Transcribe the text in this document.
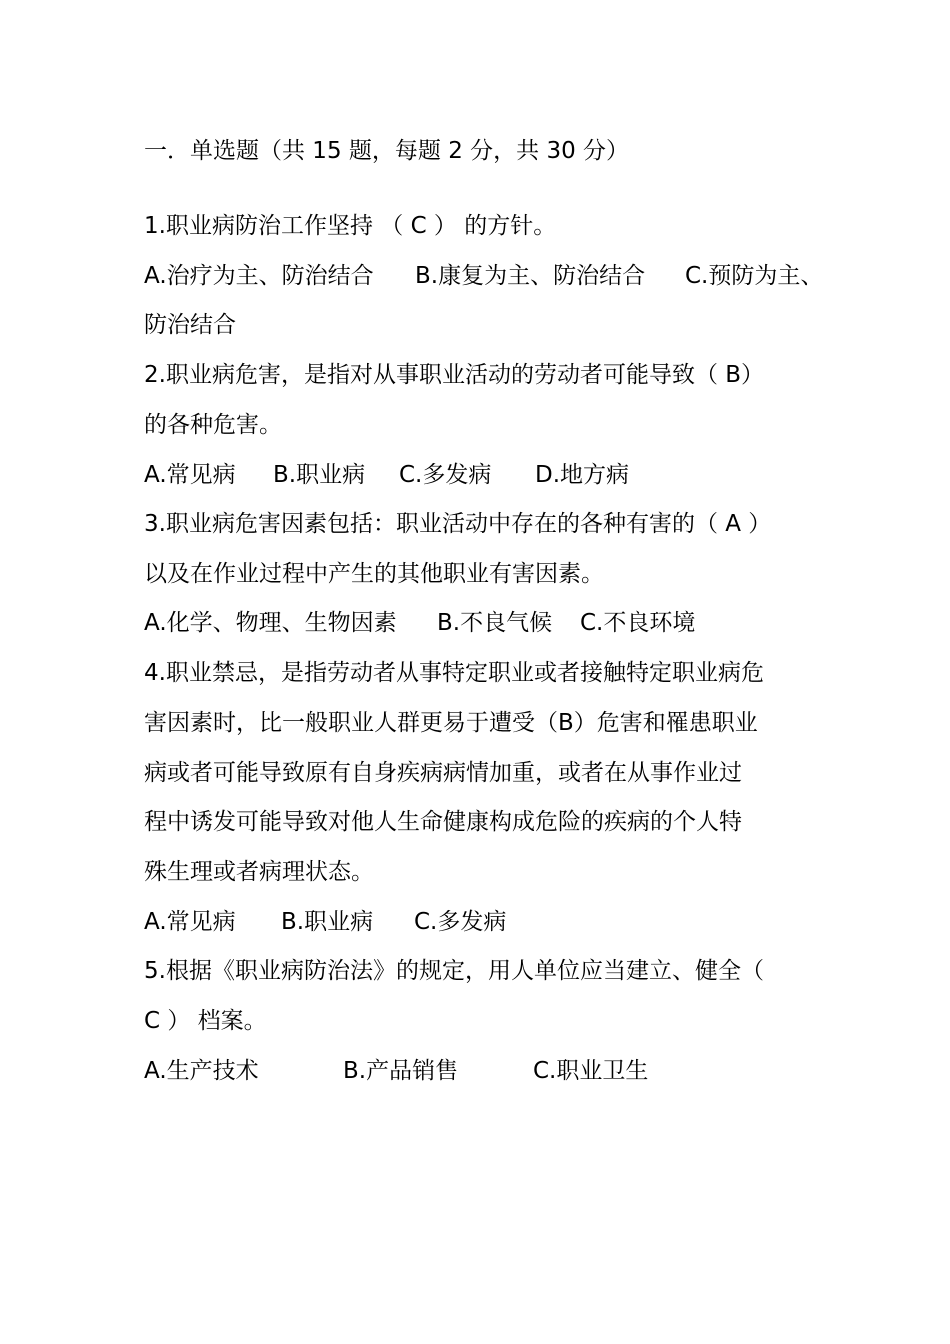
一．单选题（共 15 题，每题 2 分，共 30 分）
1.职业病防治工作坚持 （ C ） 的方针。
A.治疗为主、防治结合 B.康复为主、防治结合 C.预防为主、
防治结合
2.职业病危害，是指对从事职业活动的劳动者可能导致（ B）
的各种危害。
A.常见病 B.职业病 C.多发病 D.地方病
3.职业病危害因素包括：职业活动中存在的各种有害的（ A ）
以及在作业过程中产生的其他职业有害因素。
A.化学、物理、生物因素 B.不良气候 C.不良环境
4.职业禁忌，是指劳动者从事特定职业或者接触特定职业病危
害因素时，比一般职业人群更易于遭受（B）危害和罹患职业
病或者可能导致原有自身疾病病情加重，或者在从事作业过
程中诱发可能导致对他人生命健康构成危险的疾病的个人特
殊生理或者病理状态。
A.常见病 B.职业病 C.多发病
5.根据《职业病防治法》的规定，用人单位应当建立、健全（
C ） 档案。
A.生产技术	B.产品销售	C.职业卫生
